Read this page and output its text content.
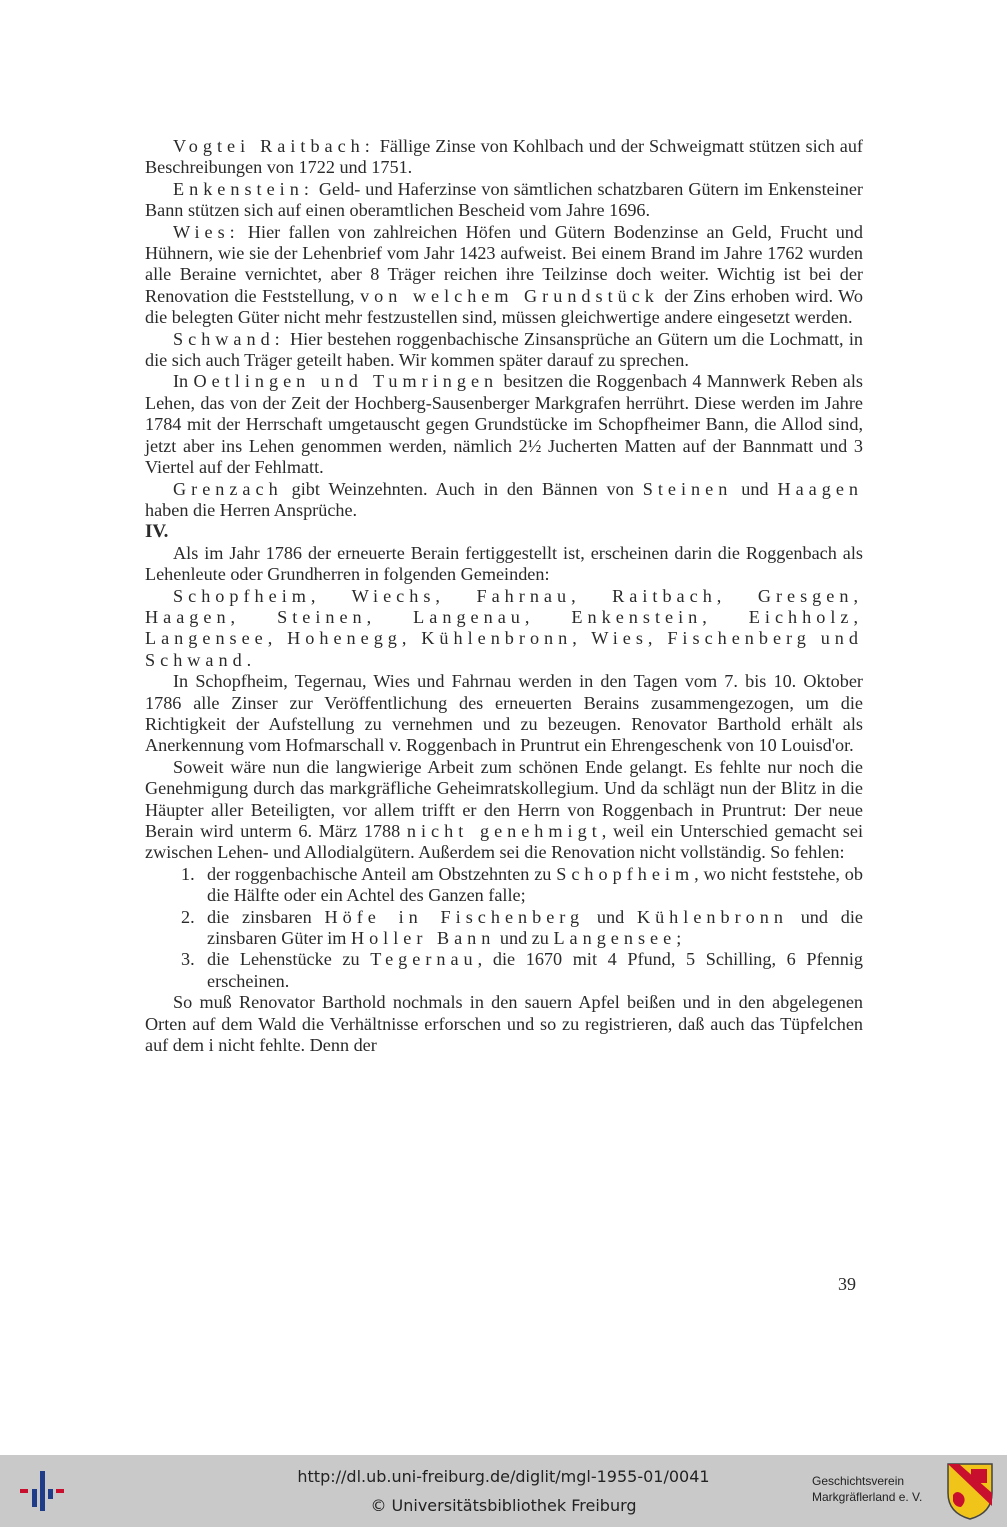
Vogtei Raitbach: Fällige Zinse von Kohlbach und der Schweigmatt stützen sich auf Beschreibungen von 1722 und 1751.

Enkenstein: Geld- und Haferzinse von sämtlichen schatzbaren Gütern im Enkensteiner Bann stützen sich auf einen oberamtlichen Bescheid vom Jahre 1696.

Wies: Hier fallen von zahlreichen Höfen und Gütern Bodenzinse an Geld, Frucht und Hühnern, wie sie der Lehenbrief vom Jahr 1423 aufweist. Bei einem Brand im Jahre 1762 wurden alle Beraine vernichtet, aber 8 Träger reichen ihre Teilzinse doch weiter. Wichtig ist bei der Renovation die Feststellung, von welchem Grundstück der Zins erhoben wird. Wo die belegten Güter nicht mehr festzustellen sind, müssen gleichwertige andere eingesetzt werden.

Schwand: Hier bestehen roggenbachische Zinsansprüche an Gütern um die Lochmatt, in die sich auch Träger geteilt haben. Wir kommen später darauf zu sprechen.

In Oetlingen und Tumringen besitzen die Roggenbach 4 Mannwerk Reben als Lehen, das von der Zeit der Hochberg-Sausenberger Markgrafen herrührt. Diese werden im Jahre 1784 mit der Herrschaft umgetauscht gegen Grundstücke im Schopfheimer Bann, die Allod sind, jetzt aber ins Lehen genommen werden, nämlich 2½ Jucherten Matten auf der Bannmatt und 3 Viertel auf der Fehlmatt.

Grenzach gibt Weinzehnten. Auch in den Bännen von Steinen und Haagen haben die Herren Ansprüche.

IV.

Als im Jahr 1786 der erneuerte Berain fertiggestellt ist, erscheinen darin die Roggenbach als Lehenleute oder Grundherren in folgenden Gemeinden:

Schopfheim, Wiechs, Fahrnau, Raitbach, Gresgen, Haagen, Steinen, Langenau, Enkenstein, Eichholz, Langensee, Hohenegg, Kühlenbronn, Wies, Fischenberg und Schwand.

In Schopfheim, Tegernau, Wies und Fahrnau werden in den Tagen vom 7. bis 10. Oktober 1786 alle Zinser zur Veröffentlichung des erneuerten Berains zusammengezogen, um die Richtigkeit der Aufstellung zu vernehmen und zu bezeugen. Renovator Barthold erhält als Anerkennung vom Hofmarschall v. Roggenbach in Pruntrut ein Ehrengeschenk von 10 Louisd'or.

Soweit wäre nun die langwierige Arbeit zum schönen Ende gelangt. Es fehlte nur noch die Genehmigung durch das markgräfliche Geheimratskollegium. Und da schlägt nun der Blitz in die Häupter aller Beteiligten, vor allem trifft er den Herrn von Roggenbach in Pruntrut: Der neue Berain wird unterm 6. März 1788 nicht genehmigt, weil ein Unterschied gemacht sei zwischen Lehen- und Allodialgütern. Außerdem sei die Renovation nicht vollständig. So fehlen:

1. der roggenbachische Anteil am Obstzehnten zu Schopfheim, wo nicht feststehe, ob die Hälfte oder ein Achtel des Ganzen falle;
2. die zinsbaren Höfe in Fischenberg und Kühlenbronn und die zinsbaren Güter im Holler Bann und zu Langensee;
3. die Lehenstücke zu Tegernau, die 1670 mit 4 Pfund, 5 Schilling, 6 Pfennig erscheinen.

So muß Renovator Barthold nochmals in den sauern Apfel beißen und in den abgelegenen Orten auf dem Wald die Verhältnisse erforschen und so zu registrieren, daß auch das Tüpfelchen auf dem i nicht fehlte. Denn der

39
http://dl.ub.uni-freiburg.de/diglit/mgl-1955-01/0041
© Universitätsbibliothek Freiburg
Geschichtsverein
Markgräflerland e. V.
